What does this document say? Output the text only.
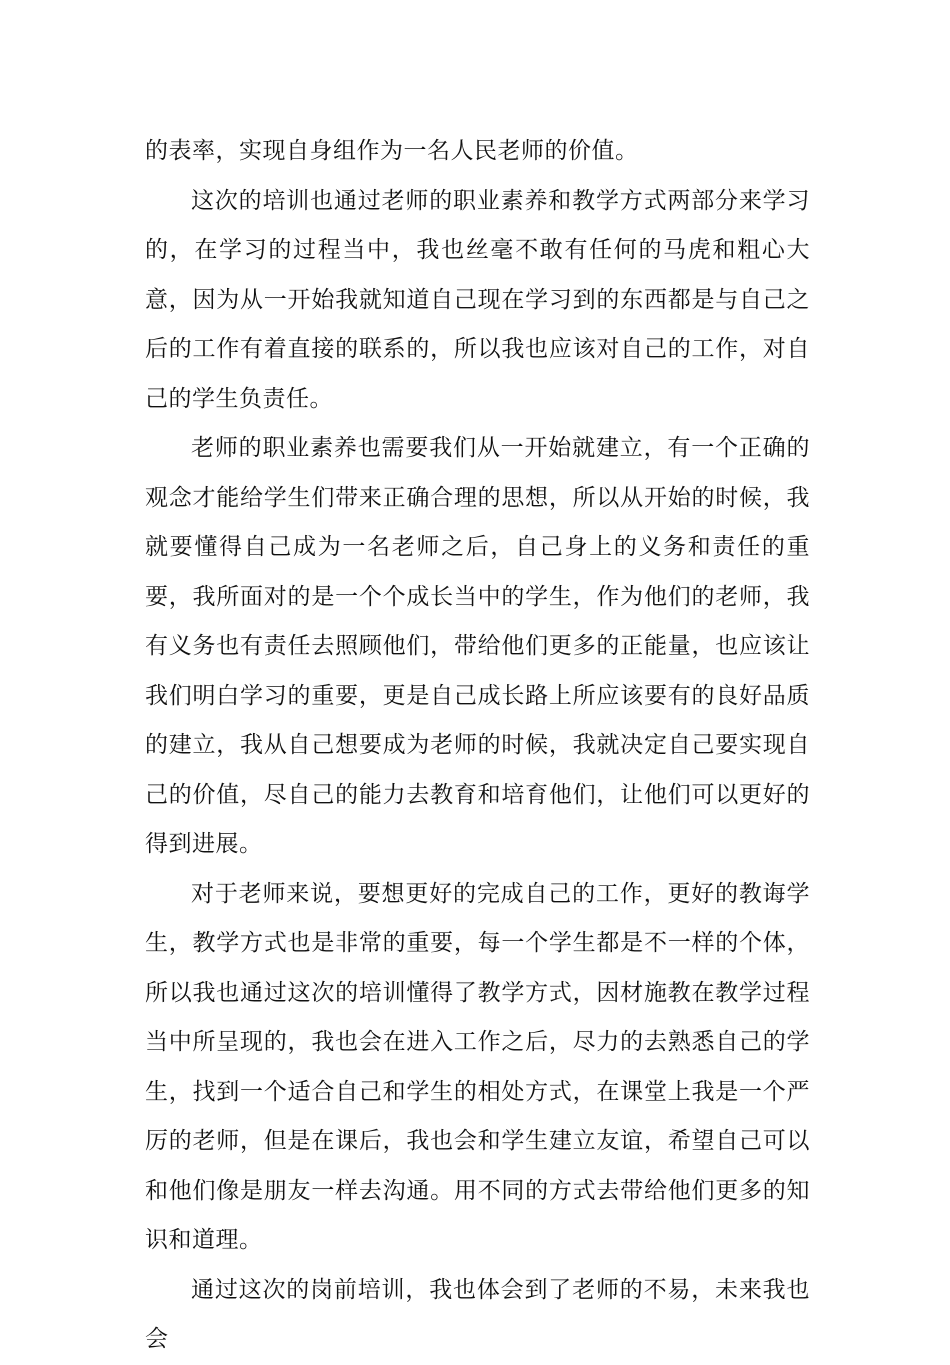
的表率，实现自身组作为一名人民老师的价值。

这次的培训也通过老师的职业素养和教学方式两部分来学习的，在学习的过程当中，我也丝毫不敢有任何的马虎和粗心大意，因为从一开始我就知道自己现在学习到的东西都是与自己之后的工作有着直接的联系的，所以我也应该对自己的工作，对自己的学生负责任。

老师的职业素养也需要我们从一开始就建立，有一个正确的观念才能给学生们带来正确合理的思想，所以从开始的时候，我就要懂得自己成为一名老师之后，自己身上的义务和责任的重要，我所面对的是一个个成长当中的学生，作为他们的老师，我有义务也有责任去照顾他们，带给他们更多的正能量，也应该让我们明白学习的重要，更是自己成长路上所应该要有的良好品质的建立，我从自己想要成为老师的时候，我就决定自己要实现自己的价值，尽自己的能力去教育和培育他们，让他们可以更好的得到进展。

对于老师来说，要想更好的完成自己的工作，更好的教诲学生，教学方式也是非常的重要，每一个学生都是不一样的个体，所以我也通过这次的培训懂得了教学方式，因材施教在教学过程当中所呈现的，我也会在进入工作之后，尽力的去熟悉自己的学生，找到一个适合自己和学生的相处方式，在课堂上我是一个严厉的老师，但是在课后，我也会和学生建立友谊，希望自己可以和他们像是朋友一样去沟通。用不同的方式去带给他们更多的知识和道理。

通过这次的岗前培训，我也体会到了老师的不易，未来我也会
